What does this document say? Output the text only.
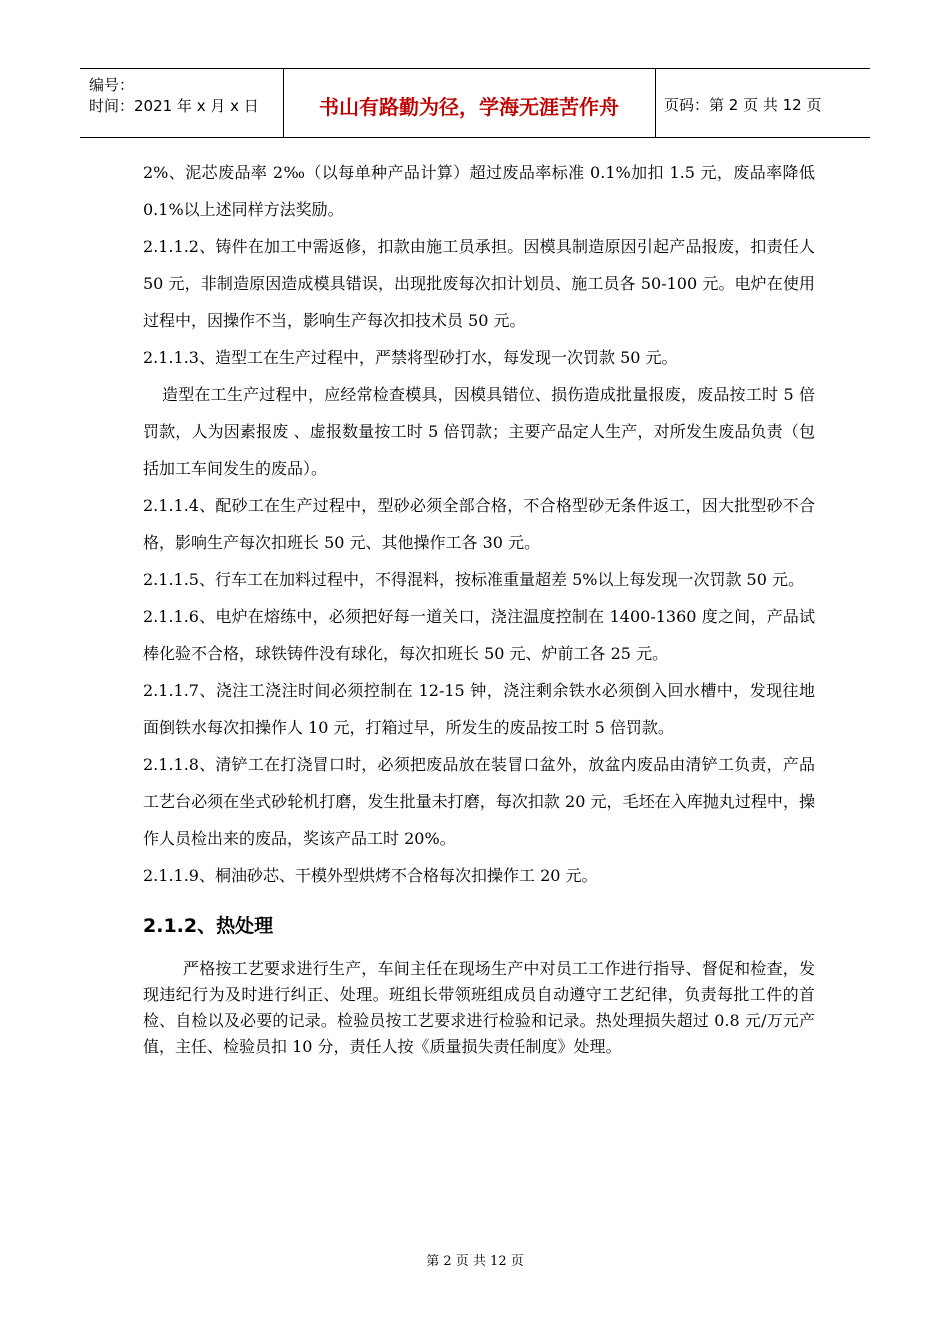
编号：
时间：2021 年 x 月 x 日	书山有路勤为径，学海无涯苦作舟	页码：第 2 页 共 12 页

2%、泥芯废品率 2‰（以每单种产品计算）超过废品率标准 0.1%加扣 1.5 元，废品率降低 0.1%以上述同样方法奖励。

2.1.1.2、铸件在加工中需返修，扣款由施工员承担。因模具制造原因引起产品报废，扣责任人 50 元，非制造原因造成模具错误，出现批废每次扣计划员、施工员各 50-100 元。电炉在使用过程中，因操作不当，影响生产每次扣技术员 50 元。

2.1.1.3、造型工在生产过程中，严禁将型砂打水，每发现一次罚款 50 元。

造型在工生产过程中，应经常检查模具，因模具错位、损伤造成批量报废，废品按工时 5 倍罚款，人为因素报废 、虚报数量按工时 5 倍罚款；主要产品定人生产，对所发生废品负责（包括加工车间发生的废品）。

2.1.1.4、配砂工在生产过程中，型砂必须全部合格，不合格型砂无条件返工，因大批型砂不合格，影响生产每次扣班长 50 元、其他操作工各 30 元。

2.1.1.5、行车工在加料过程中，不得混料，按标准重量超差 5%以上每发现一次罚款 50 元。

2.1.1.6、电炉在熔练中，必须把好每一道关口，浇注温度控制在 1400-1360 度之间，产品试棒化验不合格，球铁铸件没有球化，每次扣班长 50 元、炉前工各 25 元。

2.1.1.7、浇注工浇注时间必须控制在 12-15 钟，浇注剩余铁水必须倒入回水槽中，发现往地面倒铁水每次扣操作人 10 元，打箱过早，所发生的废品按工时 5 倍罚款。

2.1.1.8、清铲工在打浇冒口时，必须把废品放在装冒口盆外，放盆内废品由清铲工负责，产品工艺台必须在坐式砂轮机打磨，发生批量未打磨，每次扣款 20 元，毛坯在入库抛丸过程中，操作人员检出来的废品，奖该产品工时 20%。

2.1.1.9、桐油砂芯、干模外型烘烤不合格每次扣操作工 20 元。

2.1.2、热处理

严格按工艺要求进行生产，车间主任在现场生产中对员工工作进行指导、督促和检查，发现违纪行为及时进行纠正、处理。班组长带领班组成员自动遵守工艺纪律，负责每批工件的首检、自检以及必要的记录。检验员按工艺要求进行检验和记录。热处理损失超过 0.8 元/万元产值，主任、检验员扣 10 分，责任人按《质量损失责任制度》处理。

第 2 页 共 12 页
